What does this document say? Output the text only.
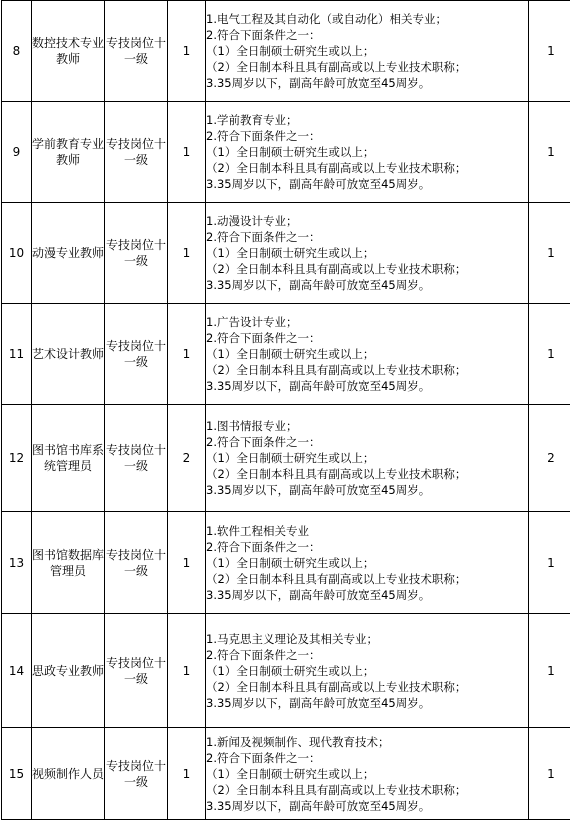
8	数控技术专业教师	专技岗位十一级	1	1.电气工程及其自动化（或自动化）相关专业；
2.符合下面条件之一：
（1）全日制硕士研究生或以上；
（2）全日制本科且具有副高或以上专业技术职称；
3.35周岁以下，副高年龄可放宽至45周岁。	1
9	学前教育专业教师	专技岗位十一级	1	1.学前教育专业；
2.符合下面条件之一：
（1）全日制硕士研究生或以上；
（2）全日制本科且具有副高或以上专业技术职称；
3.35周岁以下，副高年龄可放宽至45周岁。	1
10	动漫专业教师	专技岗位十一级	1	1.动漫设计专业；
2.符合下面条件之一：
（1）全日制硕士研究生或以上；
（2）全日制本科且具有副高或以上专业技术职称；
3.35周岁以下，副高年龄可放宽至45周岁。	1
11	艺术设计教师	专技岗位十一级	1	1.广告设计专业；
2.符合下面条件之一：
（1）全日制硕士研究生或以上；
（2）全日制本科且具有副高或以上专业技术职称；
3.35周岁以下，副高年龄可放宽至45周岁。	1
12	图书馆书库系统管理员	专技岗位十一级	2	1.图书情报专业；
2.符合下面条件之一：
（1）全日制硕士研究生或以上；
（2）全日制本科且具有副高或以上专业技术职称；
3.35周岁以下，副高年龄可放宽至45周岁。	2
13	图书馆数据库管理员	专技岗位十一级	1	1.软件工程相关专业
2.符合下面条件之一：
（1）全日制硕士研究生或以上；
（2）全日制本科且具有副高或以上专业技术职称；
3.35周岁以下，副高年龄可放宽至45周岁。	1
14	思政专业教师	专技岗位十一级	1	1.马克思主义理论及其相关专业；
2.符合下面条件之一：
（1）全日制硕士研究生或以上；
（2）全日制本科且具有副高或以上专业技术职称；
3.35周岁以下，副高年龄可放宽至45周岁。	1
15	视频制作人员	专技岗位十一级	1	1.新闻及视频制作、现代教育技术；
2.符合下面条件之一：
（1）全日制硕士研究生或以上；
（2）全日制本科且具有副高或以上专业技术职称；
3.35周岁以下，副高年龄可放宽至45周岁。	1
